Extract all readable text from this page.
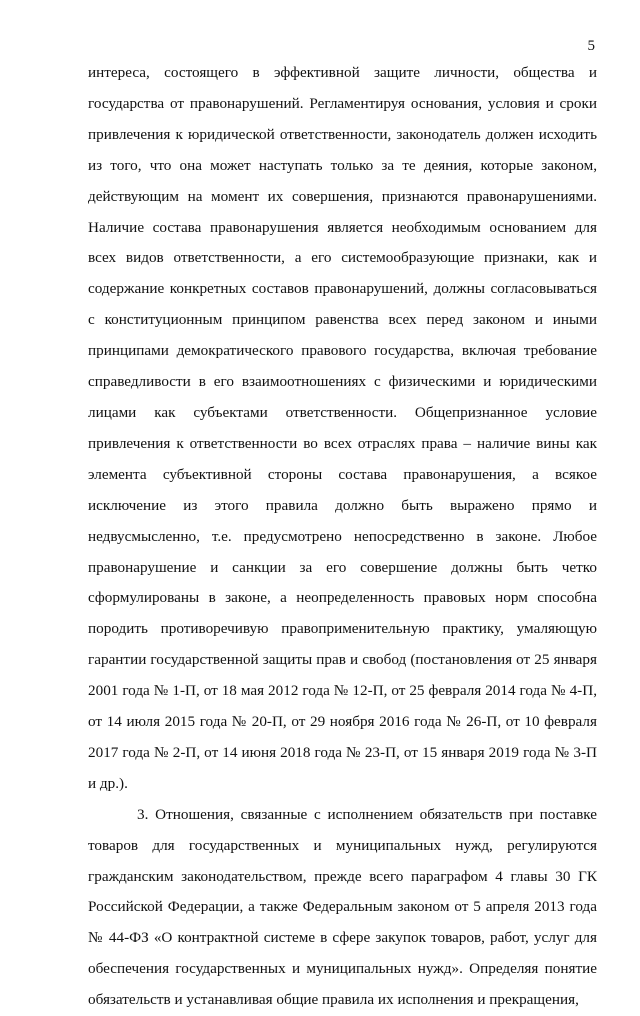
5

интереса, состоящего в эффективной защите личности, общества и государства от правонарушений. Регламентируя основания, условия и сроки привлечения к юридической ответственности, законодатель должен исходить из того, что она может наступать только за те деяния, которые законом, действующим на момент их совершения, признаются правонарушениями. Наличие состава правонарушения является необходимым основанием для всех видов ответственности, а его системообразующие признаки, как и содержание конкретных составов правонарушений, должны согласовываться с конституционным принципом равенства всех перед законом и иными принципами демократического правового государства, включая требование справедливости в его взаимоотношениях с физическими и юридическими лицами как субъектами ответственности. Общепризнанное условие привлечения к ответственности во всех отраслях права – наличие вины как элемента субъективной стороны состава правонарушения, а всякое исключение из этого правила должно быть выражено прямо и недвусмысленно, т.е. предусмотрено непосредственно в законе. Любое правонарушение и санкции за его совершение должны быть четко сформулированы в законе, а неопределенность правовых норм способна породить противоречивую правоприменительную практику, умаляющую гарантии государственной защиты прав и свобод (постановления от 25 января 2001 года № 1-П, от 18 мая 2012 года № 12-П, от 25 февраля 2014 года № 4-П, от 14 июля 2015 года № 20-П, от 29 ноября 2016 года № 26-П, от 10 февраля 2017 года № 2-П, от 14 июня 2018 года № 23-П, от 15 января 2019 года № 3-П и др.).

3. Отношения, связанные с исполнением обязательств при поставке товаров для государственных и муниципальных нужд, регулируются гражданским законодательством, прежде всего параграфом 4 главы 30 ГК Российской Федерации, а также Федеральным законом от 5 апреля 2013 года № 44-ФЗ «О контрактной системе в сфере закупок товаров, работ, услуг для обеспечения государственных и муниципальных нужд». Определяя понятие обязательств и устанавливая общие правила их исполнения и прекращения,
